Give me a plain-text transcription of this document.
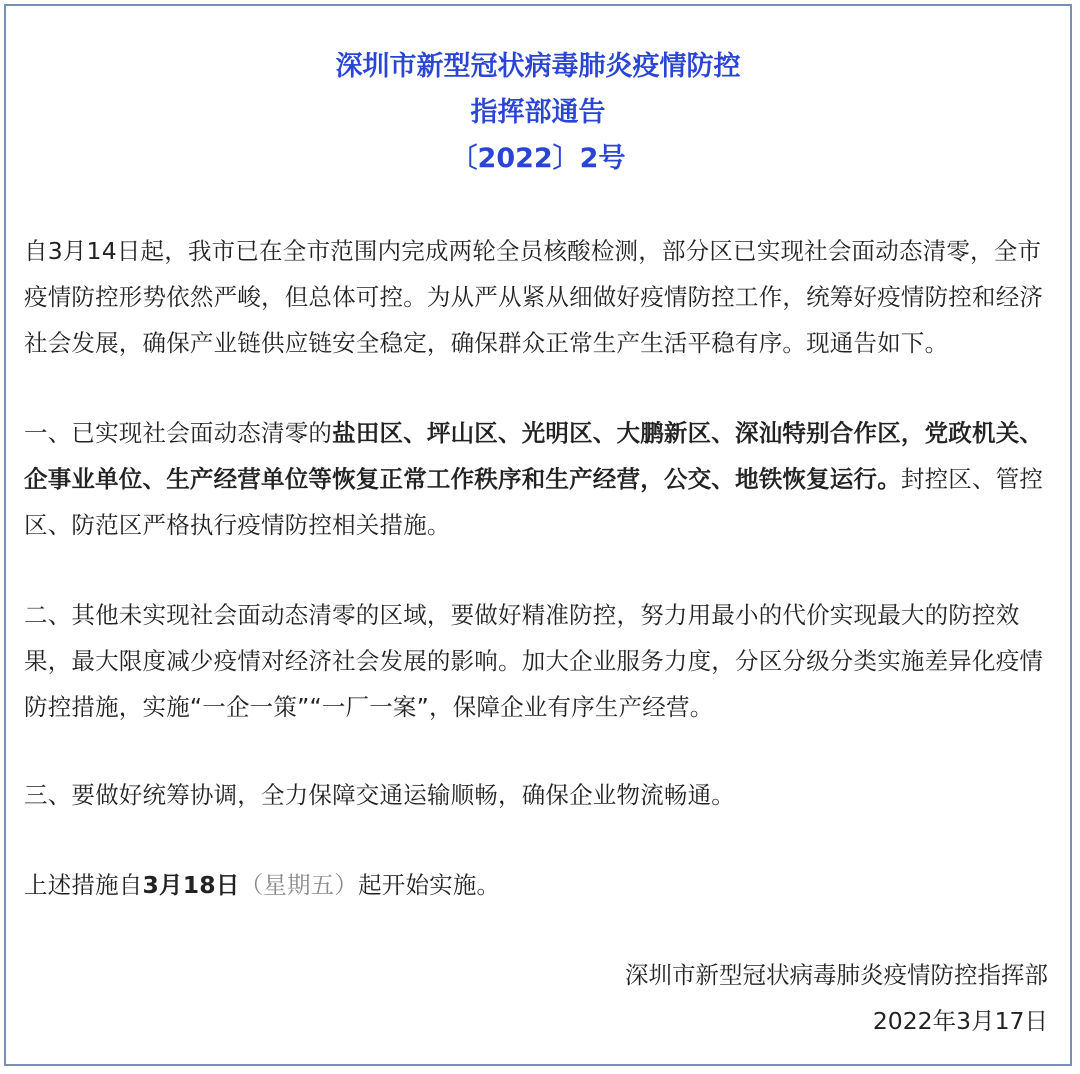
深圳市新型冠状病毒肺炎疫情防控
指挥部通告
〔2022〕2号
自3月14日起，我市已在全市范围内完成两轮全员核酸检测，部分区已实现社会面动态清零，全市疫情防控形势依然严峻，但总体可控。为从严从紧从细做好疫情防控工作，统筹好疫情防控和经济社会发展，确保产业链供应链安全稳定，确保群众正常生产生活平稳有序。现通告如下。
一、已实现社会面动态清零的盐田区、坪山区、光明区、大鹏新区、深汕特别合作区，党政机关、企事业单位、生产经营单位等恢复正常工作秩序和生产经营，公交、地铁恢复运行。封控区、管控区、防范区严格执行疫情防控相关措施。
二、其他未实现社会面动态清零的区域，要做好精准防控，努力用最小的代价实现最大的防控效果，最大限度减少疫情对经济社会发展的影响。加大企业服务力度，分区分级分类实施差异化疫情防控措施，实施“一企一策”“一厂一案”，保障企业有序生产经营。
三、要做好统筹协调，全力保障交通运输顺畅，确保企业物流畅通。
上述措施自3月18日（星期五）起开始实施。
深圳市新型冠状病毒肺炎疫情防控指挥部
2022年3月17日
